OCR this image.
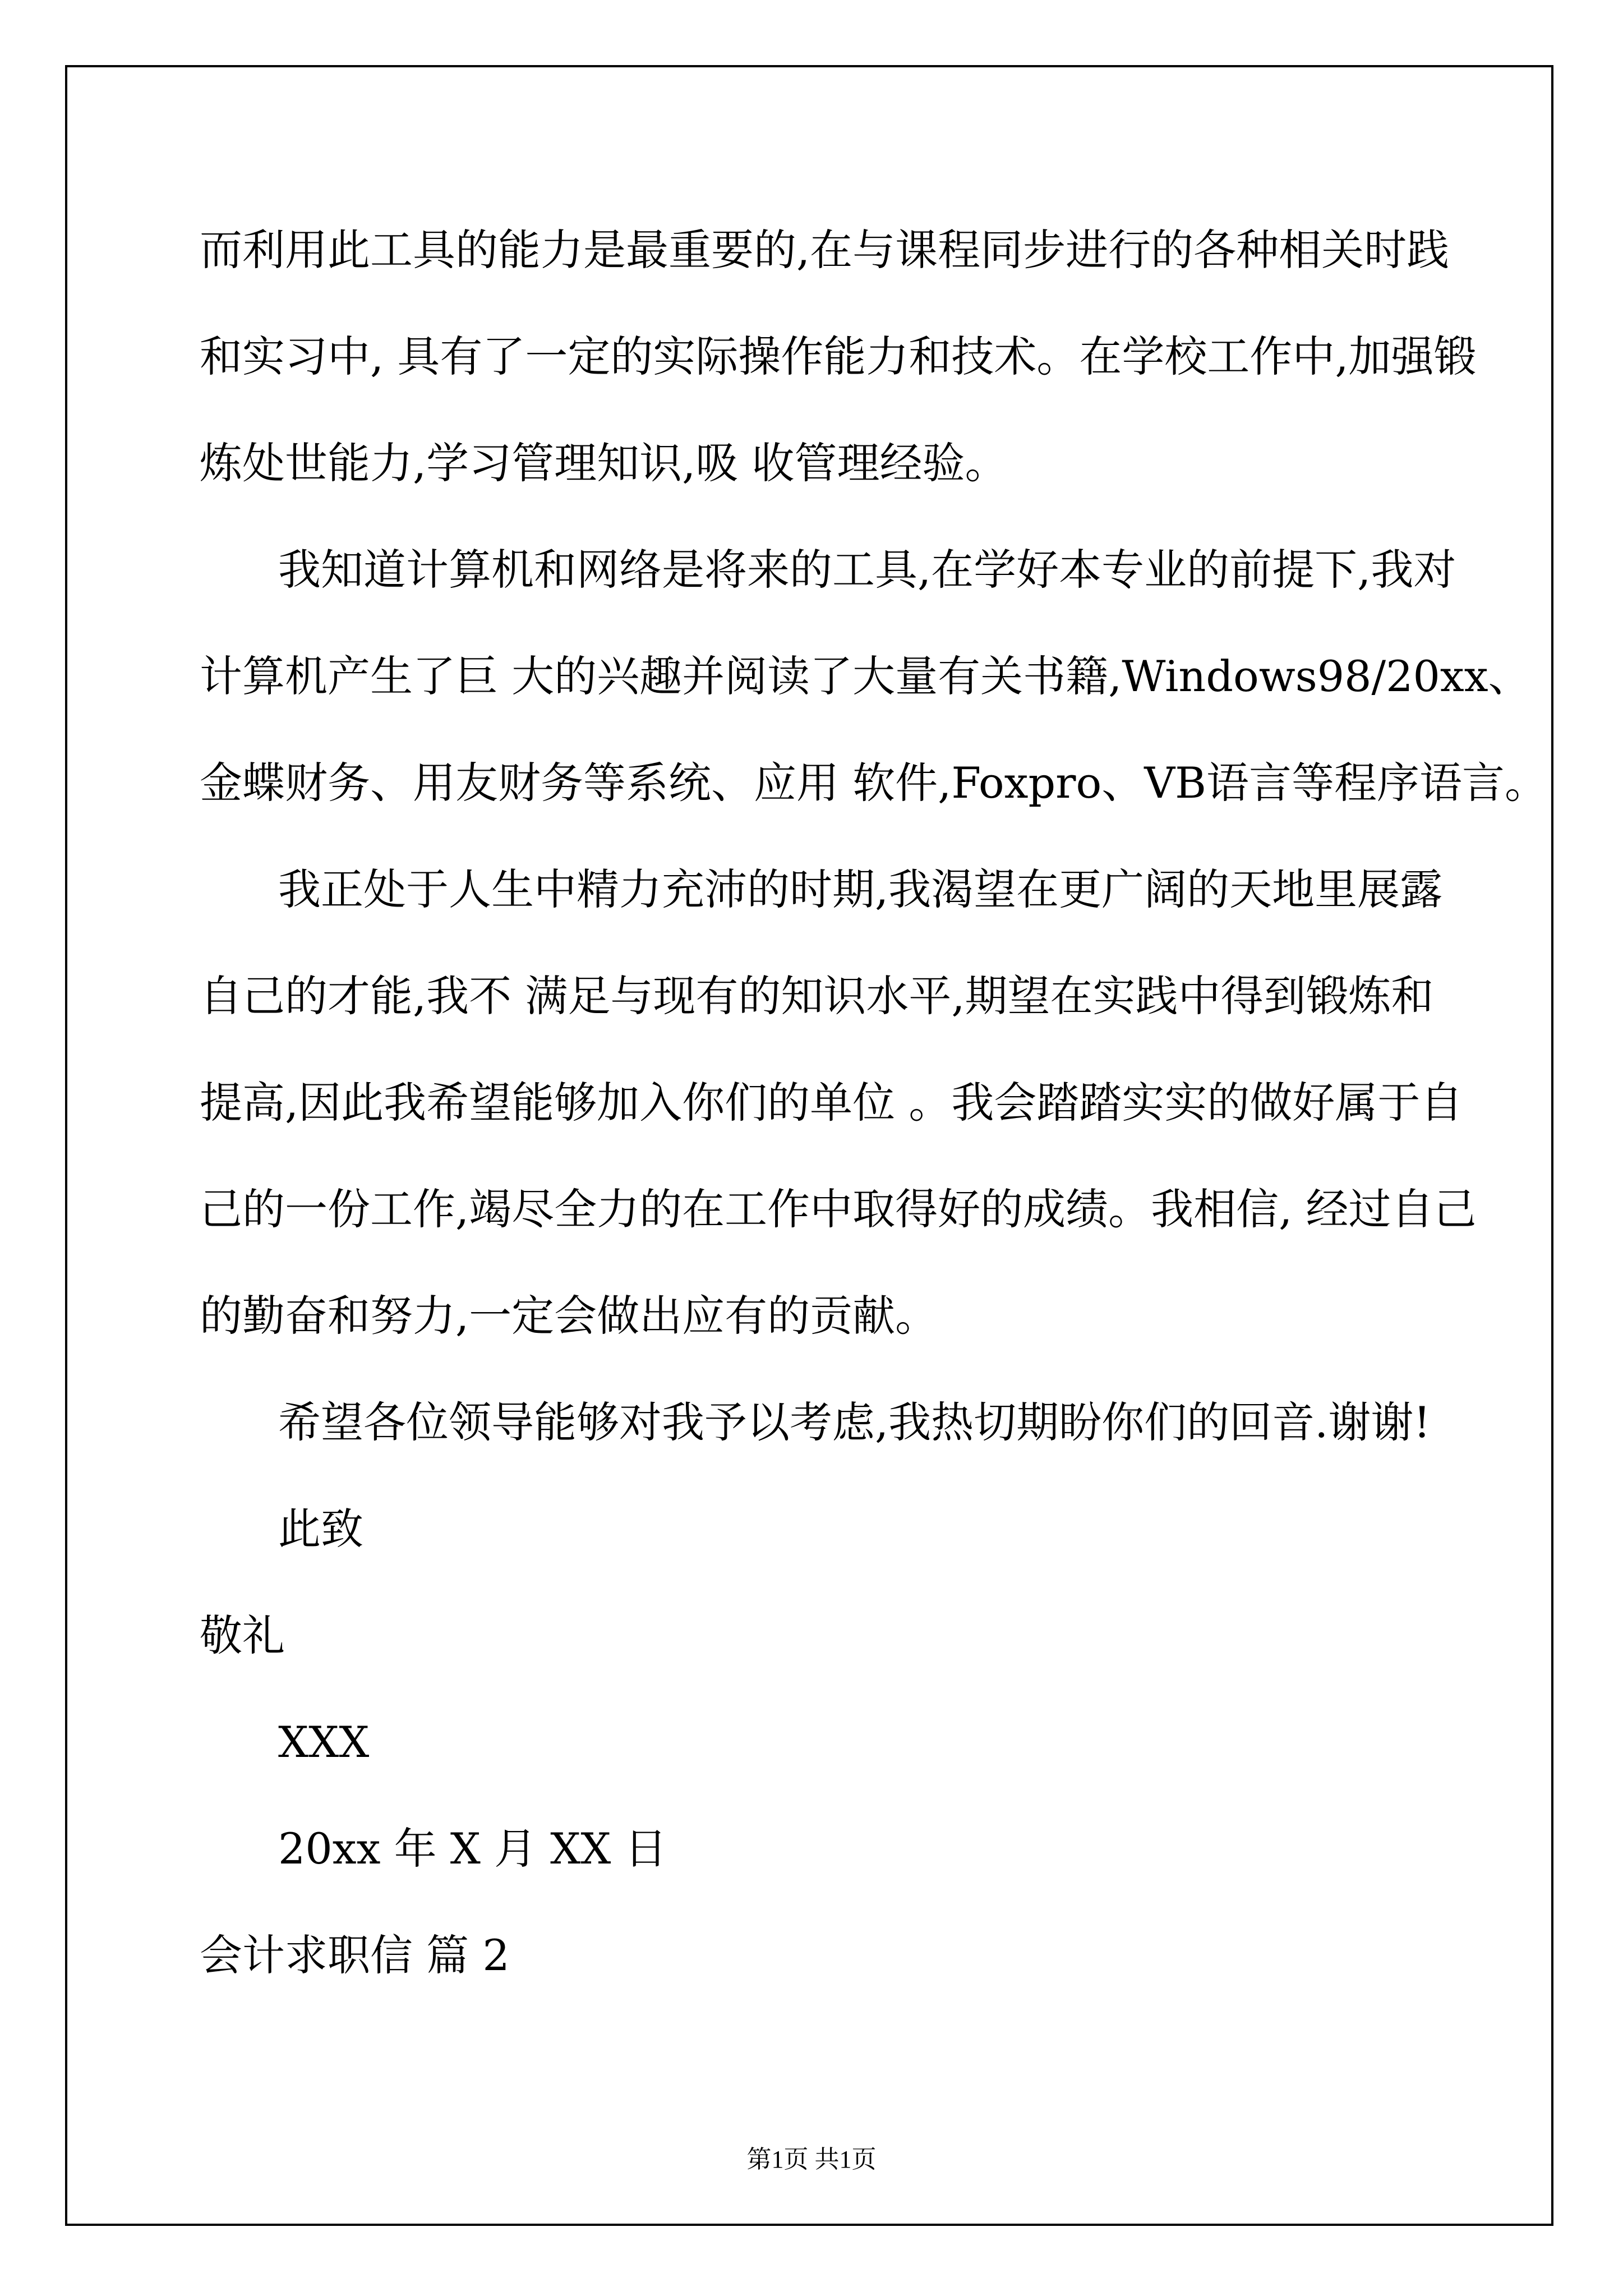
而利用此工具的能力是最重要的,在与课程同步进行的各种相关时践

和实习中, 具有了一定的实际操作能力和技术。在学校工作中,加强锻

炼处世能力,学习管理知识,吸 收管理经验。

我知道计算机和网络是将来的工具,在学好本专业的前提下,我对

计算机产生了巨 大的兴趣并阅读了大量有关书籍,Windows98/20xx、

金蝶财务、用友财务等系统、应用 软件,Foxpro、VB语言等程序语言。

我正处于人生中精力充沛的时期,我渴望在更广阔的天地里展露

自己的才能,我不 满足与现有的知识水平,期望在实践中得到锻炼和

提高,因此我希望能够加入你们的单位 。我会踏踏实实的做好属于自

己的一份工作,竭尽全力的在工作中取得好的成绩。我相信, 经过自己

的勤奋和努力,一定会做出应有的贡献。

希望各位领导能够对我予以考虑,我热切期盼你们的回音.谢谢!

此致

敬礼

XXX

20xx 年 X 月 XX 日

会计求职信 篇 2

第1页 共1页
